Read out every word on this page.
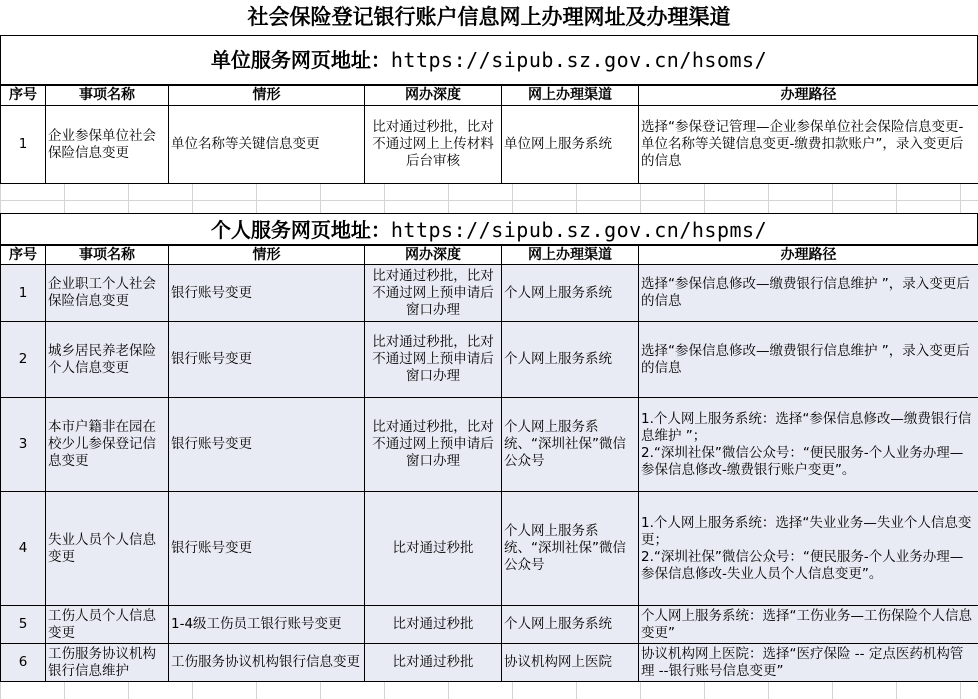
社会保险登记银行账户信息网上办理网址及办理渠道
单位服务网页地址：https://sipub.sz.gov.cn/hsoms/
序号	事项名称	情形	网办深度	网上办理渠道	办理路径
1	企业参保单位社会保险信息变更	单位名称等关键信息变更	比对通过秒批，比对不通过网上上传材料后台审核	单位网上服务系统	选择“参保登记管理—企业参保单位社会保险信息变更-单位名称等关键信息变更-缴费扣款账户”，录入变更后的信息
个人服务网页地址：https://sipub.sz.gov.cn/hspms/
序号	事项名称	情形	网办深度	网上办理渠道	办理路径
1	企业职工个人社会保险信息变更	银行账号变更	比对通过秒批，比对不通过网上预申请后窗口办理	个人网上服务系统	选择“参保信息修改—缴费银行信息维护 ”，录入变更后的信息
2	城乡居民养老保险个人信息变更	银行账号变更	比对通过秒批，比对不通过网上预申请后窗口办理	个人网上服务系统	选择“参保信息修改—缴费银行信息维护 ”，录入变更后的信息
3	本市户籍非在园在校少儿参保登记信息变更	银行账号变更	比对通过秒批，比对不通过网上预申请后窗口办理	个人网上服务系统、“深圳社保”微信公众号	1.个人网上服务系统：选择“参保信息修改—缴费银行信息维护 ”；
2.“深圳社保”微信公众号：“便民服务-个人业务办理—参保信息修改-缴费银行账户变更”。
4	失业人员个人信息变更	银行账号变更	比对通过秒批	个人网上服务系统、“深圳社保”微信公众号	1.个人网上服务系统：选择“失业业务—失业个人信息变更；
2.“深圳社保”微信公众号：“便民服务-个人业务办理—参保信息修改-失业人员个人信息变更”。
5	工伤人员个人信息变更	1-4级工伤员工银行账号变更	比对通过秒批	个人网上服务系统	个人网上服务系统：选择“工伤业务—工伤保险个人信息变更”
6	工伤服务协议机构银行信息维护	工伤服务协议机构银行信息变更	比对通过秒批	协议机构网上医院	协议机构网上医院：选择“医疗保险 -- 定点医药机构管理 --银行账号信息变更”
